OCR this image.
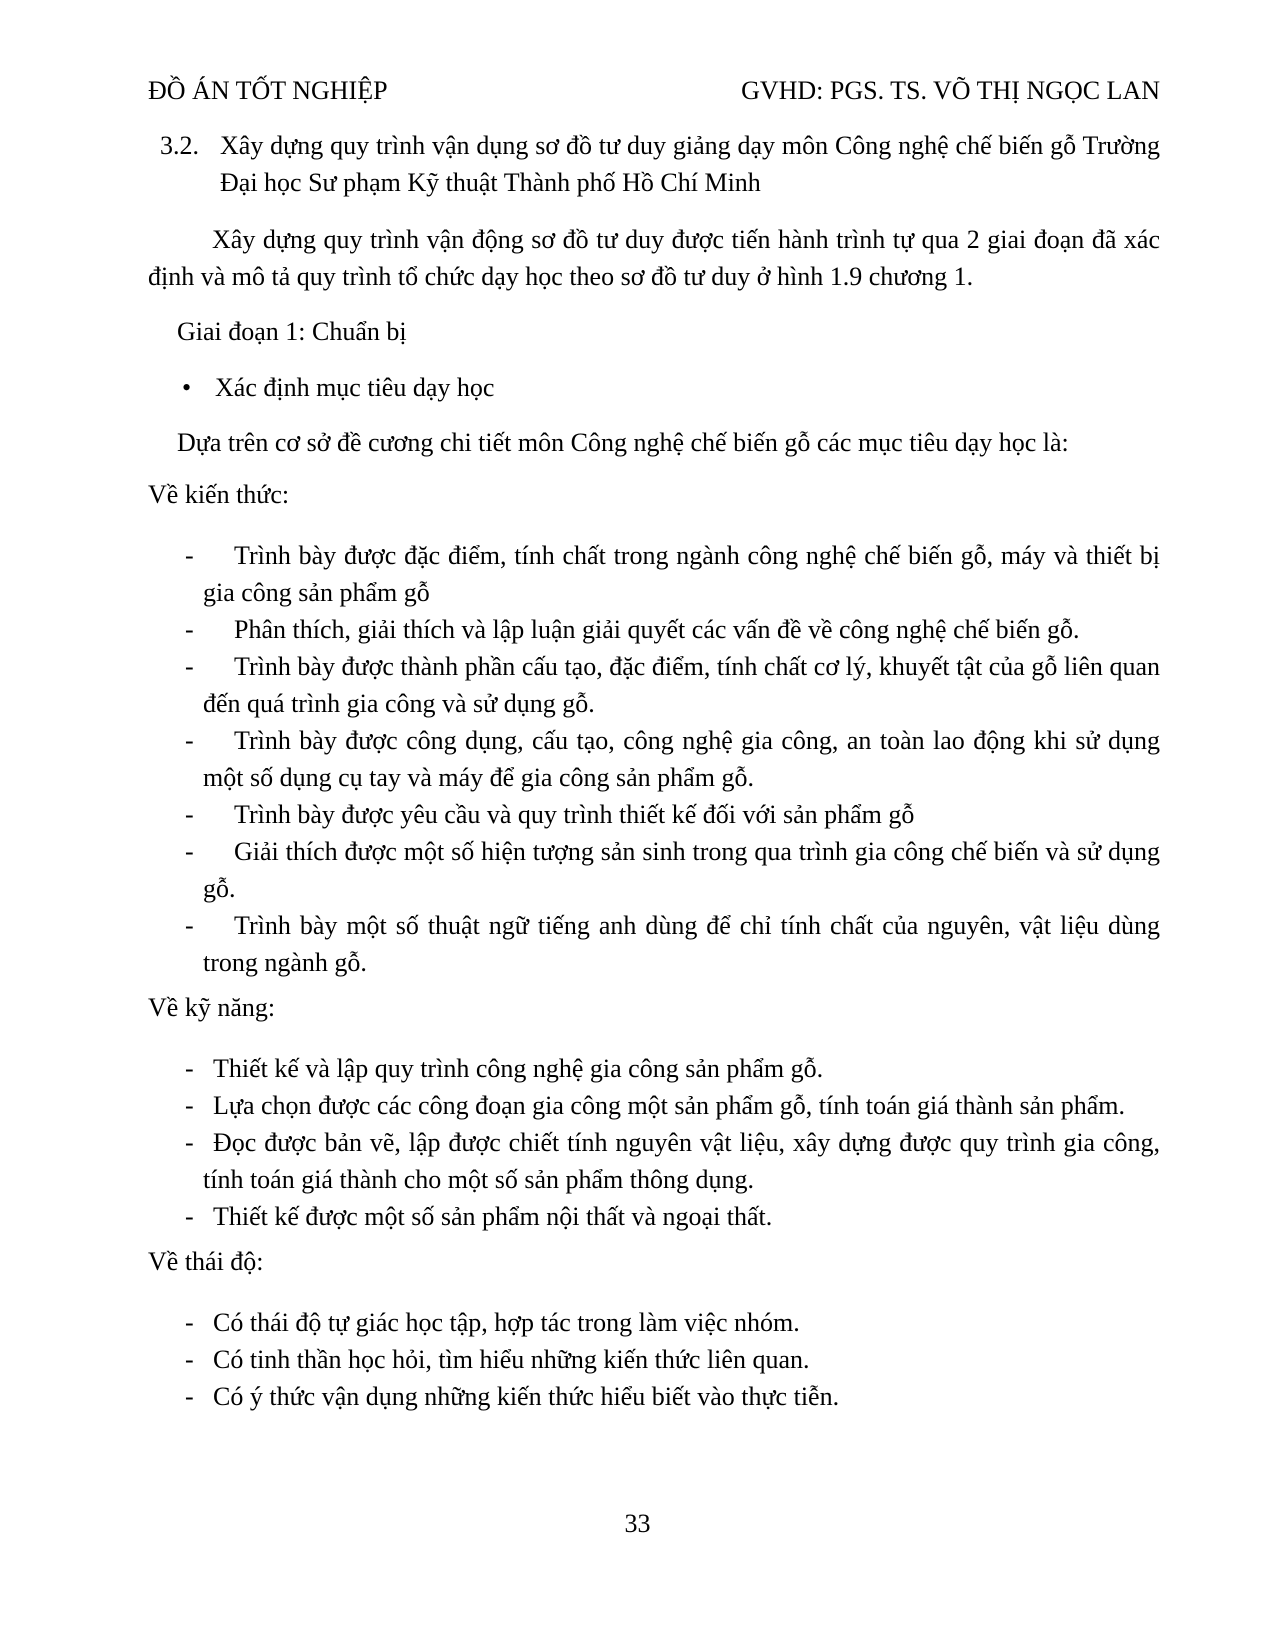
ĐỒ ÁN TỐT NGHIỆP	GVHD: PGS. TS. VÕ THỊ NGỌC LAN
3.2. Xây dựng quy trình vận dụng sơ đồ tư duy giảng dạy môn Công nghệ chế biến gỗ Trường Đại học Sư phạm Kỹ thuật Thành phố Hồ Chí Minh
Xây dựng quy trình vận động sơ đồ tư duy được tiến hành trình tự qua 2 giai đoạn đã xác định và mô tả quy trình tổ chức dạy học theo sơ đồ tư duy ở hình 1.9 chương 1.
Giai đoạn 1: Chuẩn bị
• Xác định mục tiêu dạy học
Dựa trên cơ sở đề cương chi tiết môn Công nghệ chế biến gỗ các mục tiêu dạy học là:
Về kiến thức:
- Trình bày được đặc điểm, tính chất trong ngành công nghệ chế biến gỗ, máy và thiết bị gia công sản phẩm gỗ
- Phân thích, giải thích và lập luận giải quyết các vấn đề về công nghệ chế biến gỗ.
- Trình bày được thành phần cấu tạo, đặc điểm, tính chất cơ lý, khuyết tật của gỗ liên quan đến quá trình gia công và sử dụng gỗ.
- Trình bày được công dụng, cấu tạo, công nghệ gia công, an toàn lao động khi sử dụng một số dụng cụ tay và máy để gia công sản phẩm gỗ.
- Trình bày được yêu cầu và quy trình thiết kế đối với sản phẩm gỗ
- Giải thích được một số hiện tượng sản sinh trong qua trình gia công chế biến và sử dụng gỗ.
- Trình bày một số thuật ngữ tiếng anh dùng để chỉ tính chất của nguyên, vật liệu dùng trong ngành gỗ.
Về kỹ năng:
- Thiết kế và lập quy trình công nghệ gia công sản phẩm gỗ.
- Lựa chọn được các công đoạn gia công một sản phẩm gỗ, tính toán giá thành sản phẩm.
- Đọc được bản vẽ, lập được chiết tính nguyên vật liệu, xây dựng được quy trình gia công, tính toán giá thành cho một số sản phẩm thông dụng.
- Thiết kế được một số sản phẩm nội thất và ngoại thất.
Về thái độ:
- Có thái độ tự giác học tập, hợp tác trong làm việc nhóm.
- Có tinh thần học hỏi, tìm hiểu những kiến thức liên quan.
- Có ý thức vận dụng những kiến thức hiểu biết vào thực tiễn.
33
